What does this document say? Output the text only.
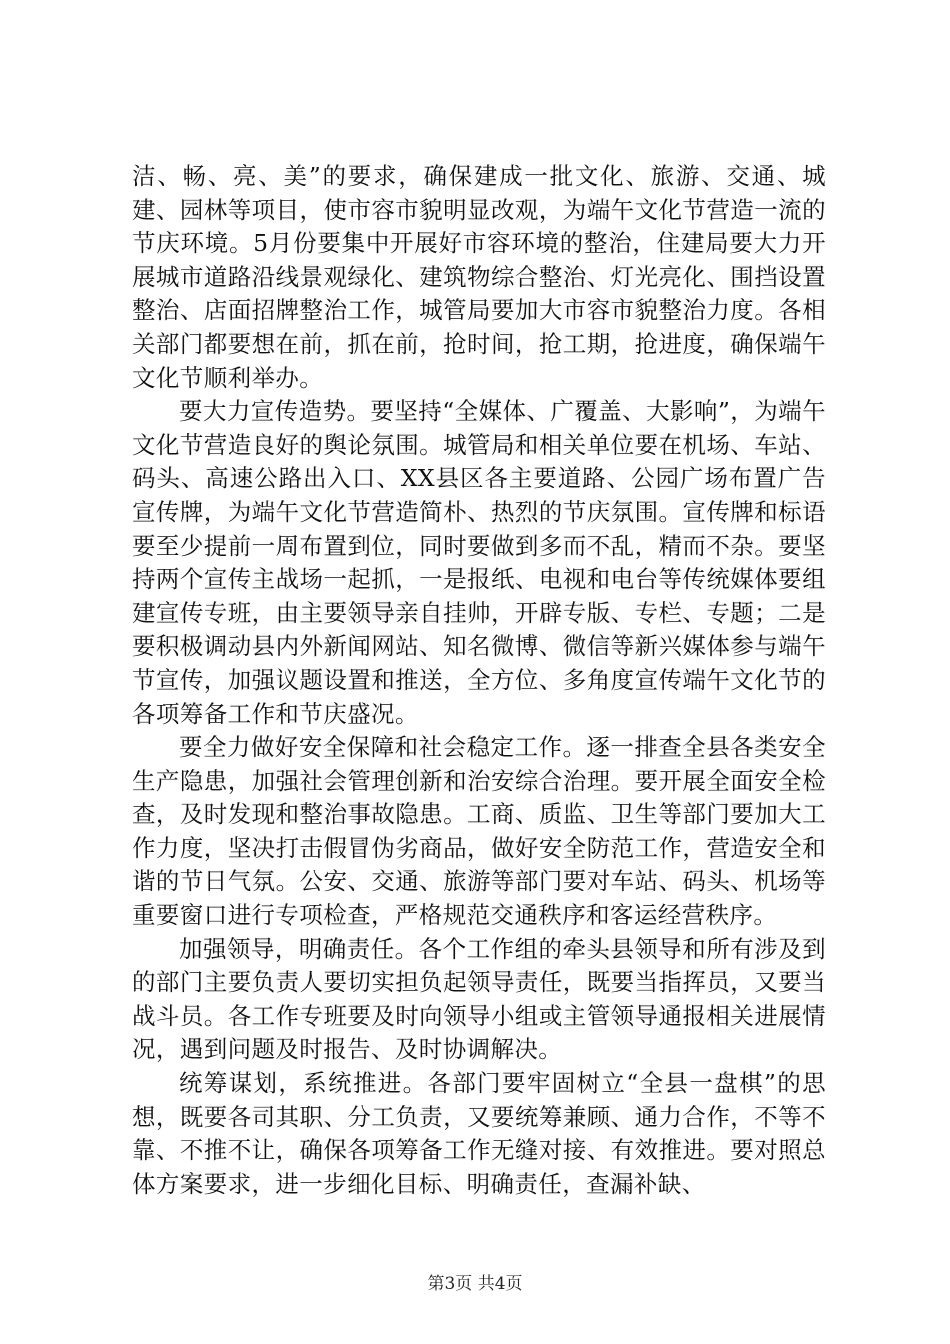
洁、畅、亮、美”的要求，确保建成一批文化、旅游、交通、城建、园林等项目，使市容市貌明显改观，为端午文化节营造一流的节庆环境。5月份要集中开展好市容环境的整治，住建局要大力开展城市道路沿线景观绿化、建筑物综合整治、灯光亮化、围挡设置整治、店面招牌整治工作，城管局要加大市容市貌整治力度。各相关部门都要想在前，抓在前，抢时间，抢工期，抢进度，确保端午文化节顺利举办。

要大力宣传造势。要坚持“全媒体、广覆盖、大影响”，为端午文化节营造良好的舆论氛围。城管局和相关单位要在机场、车站、码头、高速公路出入口、XX县区各主要道路、公园广场布置广告宣传牌，为端午文化节营造简朴、热烈的节庆氛围。宣传牌和标语要至少提前一周布置到位，同时要做到多而不乱，精而不杂。要坚持两个宣传主战场一起抓，一是报纸、电视和电台等传统媒体要组建宣传专班，由主要领导亲自挂帅，开辟专版、专栏、专题；二是要积极调动县内外新闻网站、知名微博、微信等新兴媒体参与端午节宣传，加强议题设置和推送，全方位、多角度宣传端午文化节的各项筹备工作和节庆盛况。

要全力做好安全保障和社会稳定工作。逐一排查全县各类安全生产隐患，加强社会管理创新和治安综合治理。要开展全面安全检查，及时发现和整治事故隐患。工商、质监、卫生等部门要加大工作力度，坚决打击假冒伪劣商品，做好安全防范工作，营造安全和谐的节日气氛。公安、交通、旅游等部门要对车站、码头、机场等重要窗口进行专项检查，严格规范交通秩序和客运经营秩序。

加强领导，明确责任。各个工作组的牵头县领导和所有涉及到的部门主要负责人要切实担负起领导责任，既要当指挥员，又要当战斗员。各工作专班要及时向领导小组或主管领导通报相关进展情况，遇到问题及时报告、及时协调解决。

统筹谋划，系统推进。各部门要牢固树立“全县一盘棋”的思想，既要各司其职、分工负责，又要统筹兼顾、通力合作，不等不靠、不推不让，确保各项筹备工作无缝对接、有效推进。要对照总体方案要求，进一步细化目标、明确责任，查漏补缺、

第3页 共4页
